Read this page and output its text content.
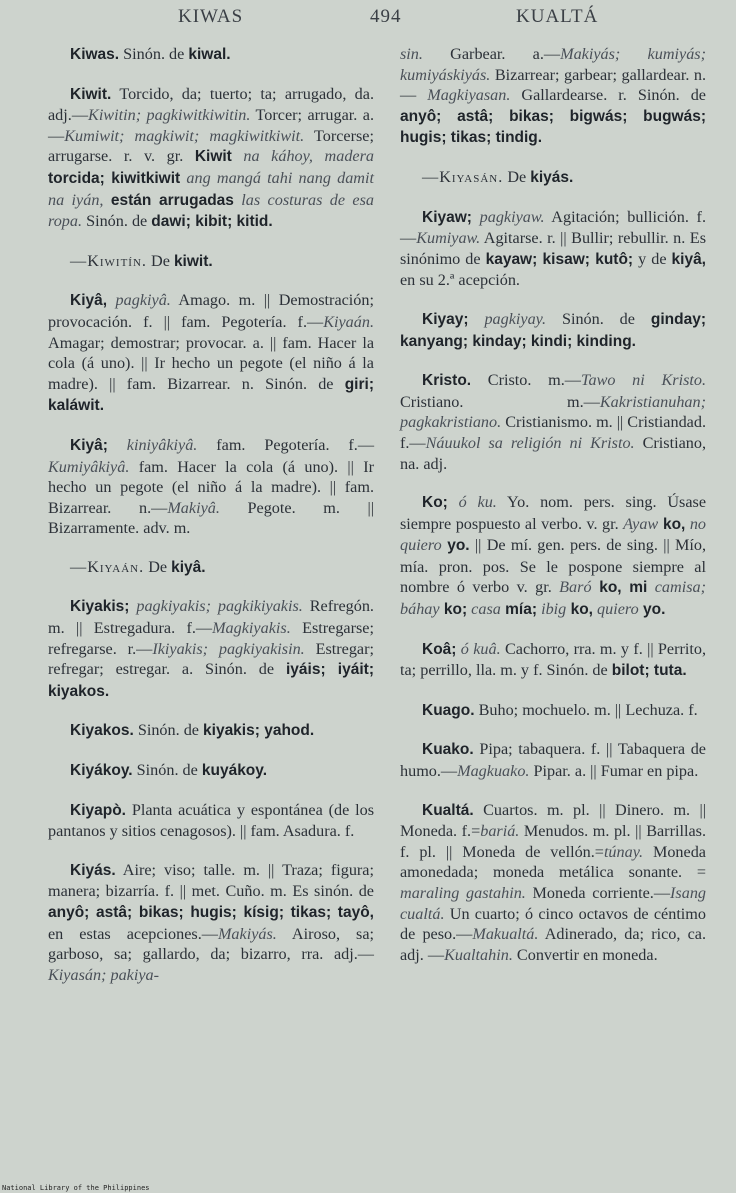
KIWAS	494	KUALTÁ

Kiwas. Sinón. de kiwal.

Kiwit. Torcido, da; tuerto; ta; arrugado, da. adj.—Kiwitin; pagkiwitkiwitin. Torcer; arrugar. a.—Kumiwit; magkiwit; magkiwitkiwit. Torcerse; arrugarse. r. v. gr. Kiwit na káhoy, madera torcida; kiwitkiwit ang mangá tahi nang damit na iyán, están arrugadas las costuras de esa ropa. Sinón. de dawi; kibit; kitid.

—Kiwitín. De kiwit.

Kiyâ, pagkiyâ. Amago. m. || Demostración; provocación. f. || fam. Pegotería. f.—Kiyaán. Amagar; demostrar; provocar. a. || fam. Hacer la cola (á uno). || Ir hecho un pegote (el niño á la madre). || fam. Bizarrear. n. Sinón. de giri; kaláwit.

Kiyâ; kiniyâkiyâ. fam. Pegotería. f.—Kumiyâkiyâ. fam. Hacer la cola (á uno). || Ir hecho un pegote (el niño á la madre). || fam. Bizarrear. n.—Makiyâ. Pegote. m. || Bizarramente. adv. m.

—Kiyaán. De kiyâ.

Kiyakis; pagkiyakis; pagkikiyakis. Refregón. m. || Estregadura. f.—Magkiyakis. Estregarse; refregarse. r.—Ikiyakis; pagkiyakisin. Estregar; refregar; estregar. a. Sinón. de iyáis; iyáit; kiyakos.

Kiyakos. Sinón. de kiyakis; yahod.

Kiyákoy. Sinón. de kuyákoy.

Kiyapò. Planta acuática y espontánea (de los pantanos y sitios cenagosos). || fam. Asadura. f.

Kiyás. Aire; viso; talle. m. || Traza; figura; manera; bizarría. f. || met. Cuño. m. Es sinón. de anyô; astâ; bikas; hugis; kísig; tikas; tayô, en estas acepciones.—Makiyás. Airoso, sa; garboso, sa; gallardo, da; bizarro, rra. adj.—Kiyasán; pakiya-

sin. Garbear. a.—Makiyás; kumiyás; kumiyáskiyás. Bizarrear; garbear; gallardear. n. — Magkiyasan. Gallardearse. r. Sinón. de anyô; astâ; bikas; bigwás; bugwás; hugis; tikas; tindig.

—Kiyasán. De kiyás.

Kiyaw; pagkiyaw. Agitación; bullición. f.—Kumiyaw. Agitarse. r. || Bullir; rebullir. n. Es sinónimo de kayaw; kisaw; kutô; y de kiyâ, en su 2.ª acepción.

Kiyay; pagkiyay. Sinón. de ginday; kanyang; kinday; kindi; kinding.

Kristo. Cristo. m.—Tawo ni Kristo. Cristiano. m.—Kakristianuhan; pagkakristiano. Cristianismo. m. || Cristiandad. f.—Náuukol sa religión ni Kristo. Cristiano, na. adj.

Ko; ó ku. Yo. nom. pers. sing. Úsase siempre pospuesto al verbo. v. gr. Ayaw ko, no quiero yo. || De mí. gen. pers. de sing. || Mío, mía. pron. pos. Se le pospone siempre al nombre ó verbo v. gr. Baró ko, mi camisa; báhay ko; casa mía; ibig ko, quiero yo.

Koâ; ó kuâ. Cachorro, rra. m. y f. || Perrito, ta; perrillo, lla. m. y f. Sinón. de bilot; tuta.

Kuago. Buho; mochuelo. m. || Lechuza. f.

Kuako. Pipa; tabaquera. f. || Tabaquera de humo.—Magkuako. Pipar. a. || Fumar en pipa.

Kualtá. Cuartos. m. pl. || Dinero. m. || Moneda. f.=bariá. Menudos. m. pl. || Barrillas. f. pl. || Moneda de vellón.=túnay. Moneda amonedada; moneda metálica sonante. = maraling gastahin. Moneda corriente.—Isang cualtá. Un cuarto; ó cinco octavos de céntimo de peso.—Makualtá. Adinerado, da; rico, ca. adj. —Kualtahin. Convertir en moneda.

National Library of the Philippines
